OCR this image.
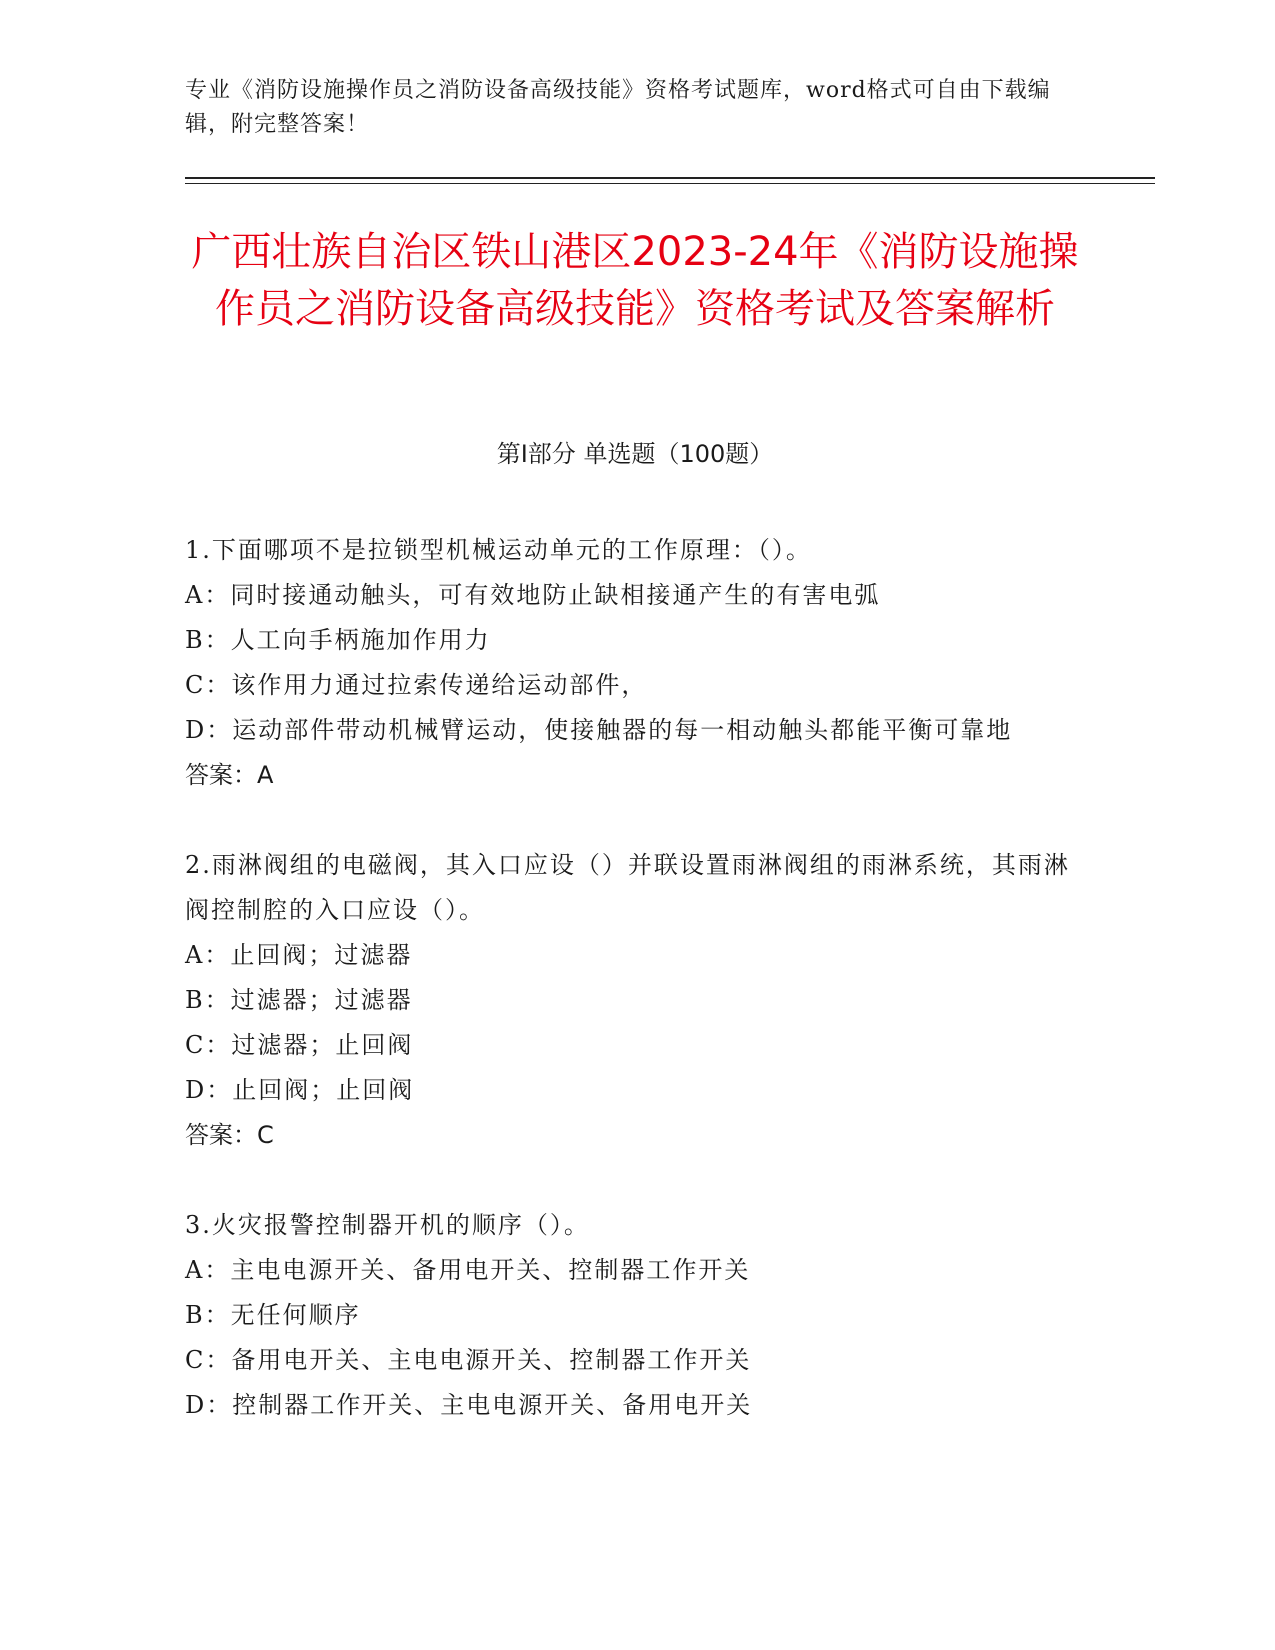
专业《消防设施操作员之消防设备高级技能》资格考试题库，word格式可自由下载编辑，附完整答案！
广西壮族自治区铁山港区2023-24年《消防设施操作员之消防设备高级技能》资格考试及答案解析
第I部分 单选题（100题）
1.下面哪项不是拉锁型机械运动单元的工作原理：（）。
A：同时接通动触头，可有效地防止缺相接通产生的有害电弧
B：人工向手柄施加作用力
C：该作用力通过拉索传递给运动部件，
D：运动部件带动机械臂运动，使接触器的每一相动触头都能平衡可靠地
答案：A
2.雨淋阀组的电磁阀，其入口应设（）并联设置雨淋阀组的雨淋系统，其雨淋阀控制腔的入口应设（）。
A：止回阀；过滤器
B：过滤器；过滤器
C：过滤器；止回阀
D：止回阀；止回阀
答案：C
3.火灾报警控制器开机的顺序（）。
A：主电电源开关、备用电开关、控制器工作开关
B：无任何顺序
C：备用电开关、主电电源开关、控制器工作开关
D：控制器工作开关、主电电源开关、备用电开关
